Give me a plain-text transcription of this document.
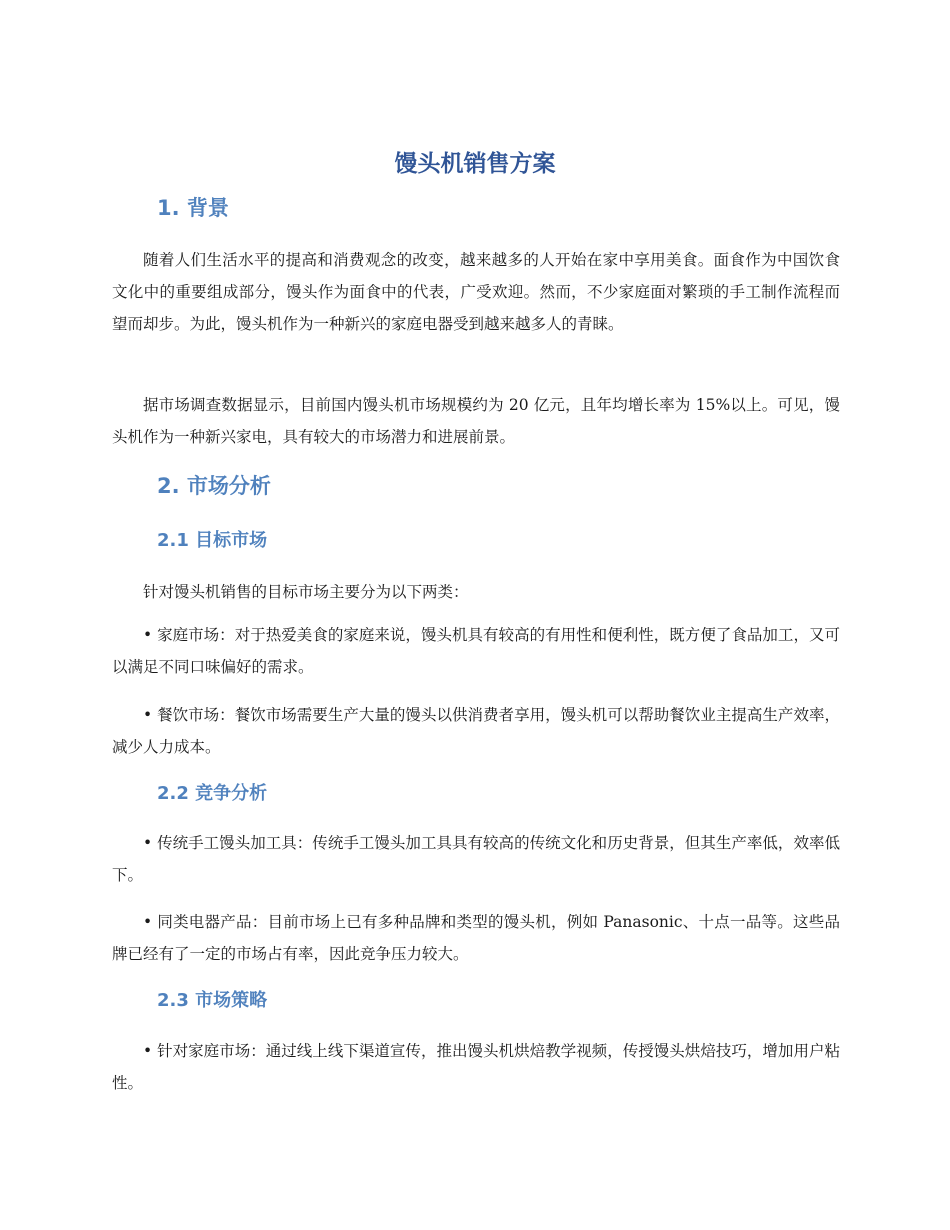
馒头机销售方案
1. 背景

随着人们生活水平的提高和消费观念的改变，越来越多的人开始在家中享用美食。面食作为中国饮食文化中的重要组成部分，馒头作为面食中的代表，广受欢迎。然而，不少家庭面对繁琐的手工制作流程而望而却步。为此，馒头机作为一种新兴的家庭电器受到越来越多人的青睐。

据市场调查数据显示，目前国内馒头机市场规模约为 20 亿元，且年均增长率为 15%以上。可见，馒头机作为一种新兴家电，具有较大的市场潜力和进展前景。

2. 市场分析
2.1 目标市场

针对馒头机销售的目标市场主要分为以下两类：

• 家庭市场：对于热爱美食的家庭来说，馒头机具有较高的有用性和便利性，既方便了食品加工，又可以满足不同口味偏好的需求。

• 餐饮市场：餐饮市场需要生产大量的馒头以供消费者享用，馒头机可以帮助餐饮业主提高生产效率，减少人力成本。

2.2 竞争分析

• 传统手工馒头加工具：传统手工馒头加工具具有较高的传统文化和历史背景，但其生产率低，效率低下。

• 同类电器产品：目前市场上已有多种品牌和类型的馒头机，例如 Panasonic、十点一品等。这些品牌已经有了一定的市场占有率，因此竞争压力较大。

2.3 市场策略

• 针对家庭市场：通过线上线下渠道宣传，推出馒头机烘焙教学视频，传授馒头烘焙技巧，增加用户粘性。
